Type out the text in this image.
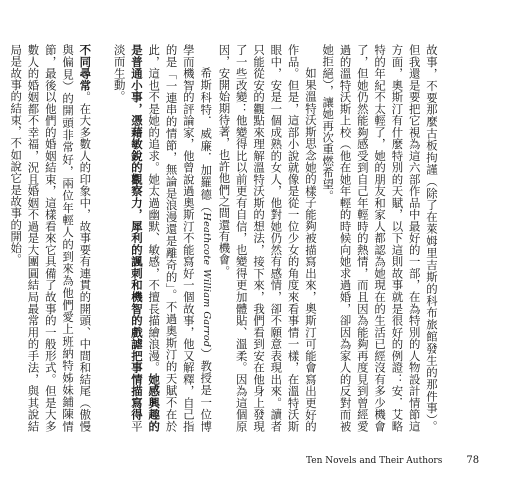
故事，不要那麼古板拘謹（除了在萊姆里吉斯的科布旅館發生的那件事）。但我還是要把它視為這六部作品中最好的一部，在為特別的人物設計情節這方面，奧斯汀有什麼特別的天賦，以下這則故事就是很好的例證：安．艾略特的年紀不太輕了，她的朋友和家人都認為她現在的生活已經沒有多少機會了，但她仍然能夠感受到自己年輕時的熱情，而且因為能夠再度見到曾經愛過的溫特沃斯上校（他在她年輕的時候向她求過婚，卻因為家人的反對而被她拒絕），讓她再次重燃希望。

如果溫特沃斯思念她的樣子能夠被描寫出來，奧斯汀可能會寫出更好的作品。但是，這部小說就像是從一位少女的角度來看事情一樣，在溫特沃斯眼中，安是一個成熟的女人，他對她仍然有感情，卻不願意表現出來。讀者只能從安的觀點來理解溫特沃斯的想法，接下來，我們看到安在他身上發現了一些改變：他變得比以前更有自信，也變得更加體貼、溫柔。因為這個原因，安開始期待著，也許他們之間還有機會。

希斯科特．威廉．加羅德（Heathcote William Garrod）教授是一位博學而機智的評論家，他曾說過奧斯汀不能寫好一個故事，他又解釋，自己指的是「一連串的情節，無論是浪漫還是離奇的」。不過奧斯汀的天賦不在於此，這也不是她的追求。她太過幽默、敏感，不擅長描繪浪漫。她感興趣的是普通小事，憑藉敏銳的觀察力，犀利的諷刺和機智的戲謔把事情描寫得平淡而生動。

不同尋常。在大多數人的印象中，故事要有連貫的開頭、中間和結尾（傲慢與偏見）的開頭非常好，兩位年輕人的到來為他們愛上班納特姊妹鋪陳情節，最後以他們的婚姻結束，這樣看來它具備了故事的一般形式。但是大多數人的婚姻都不幸福，況且婚姻不過是大團圓結局最常用的手法，與其說結局是故事的結束，不如說它是故事的開始。

Ten Novels and Their Authors 78
